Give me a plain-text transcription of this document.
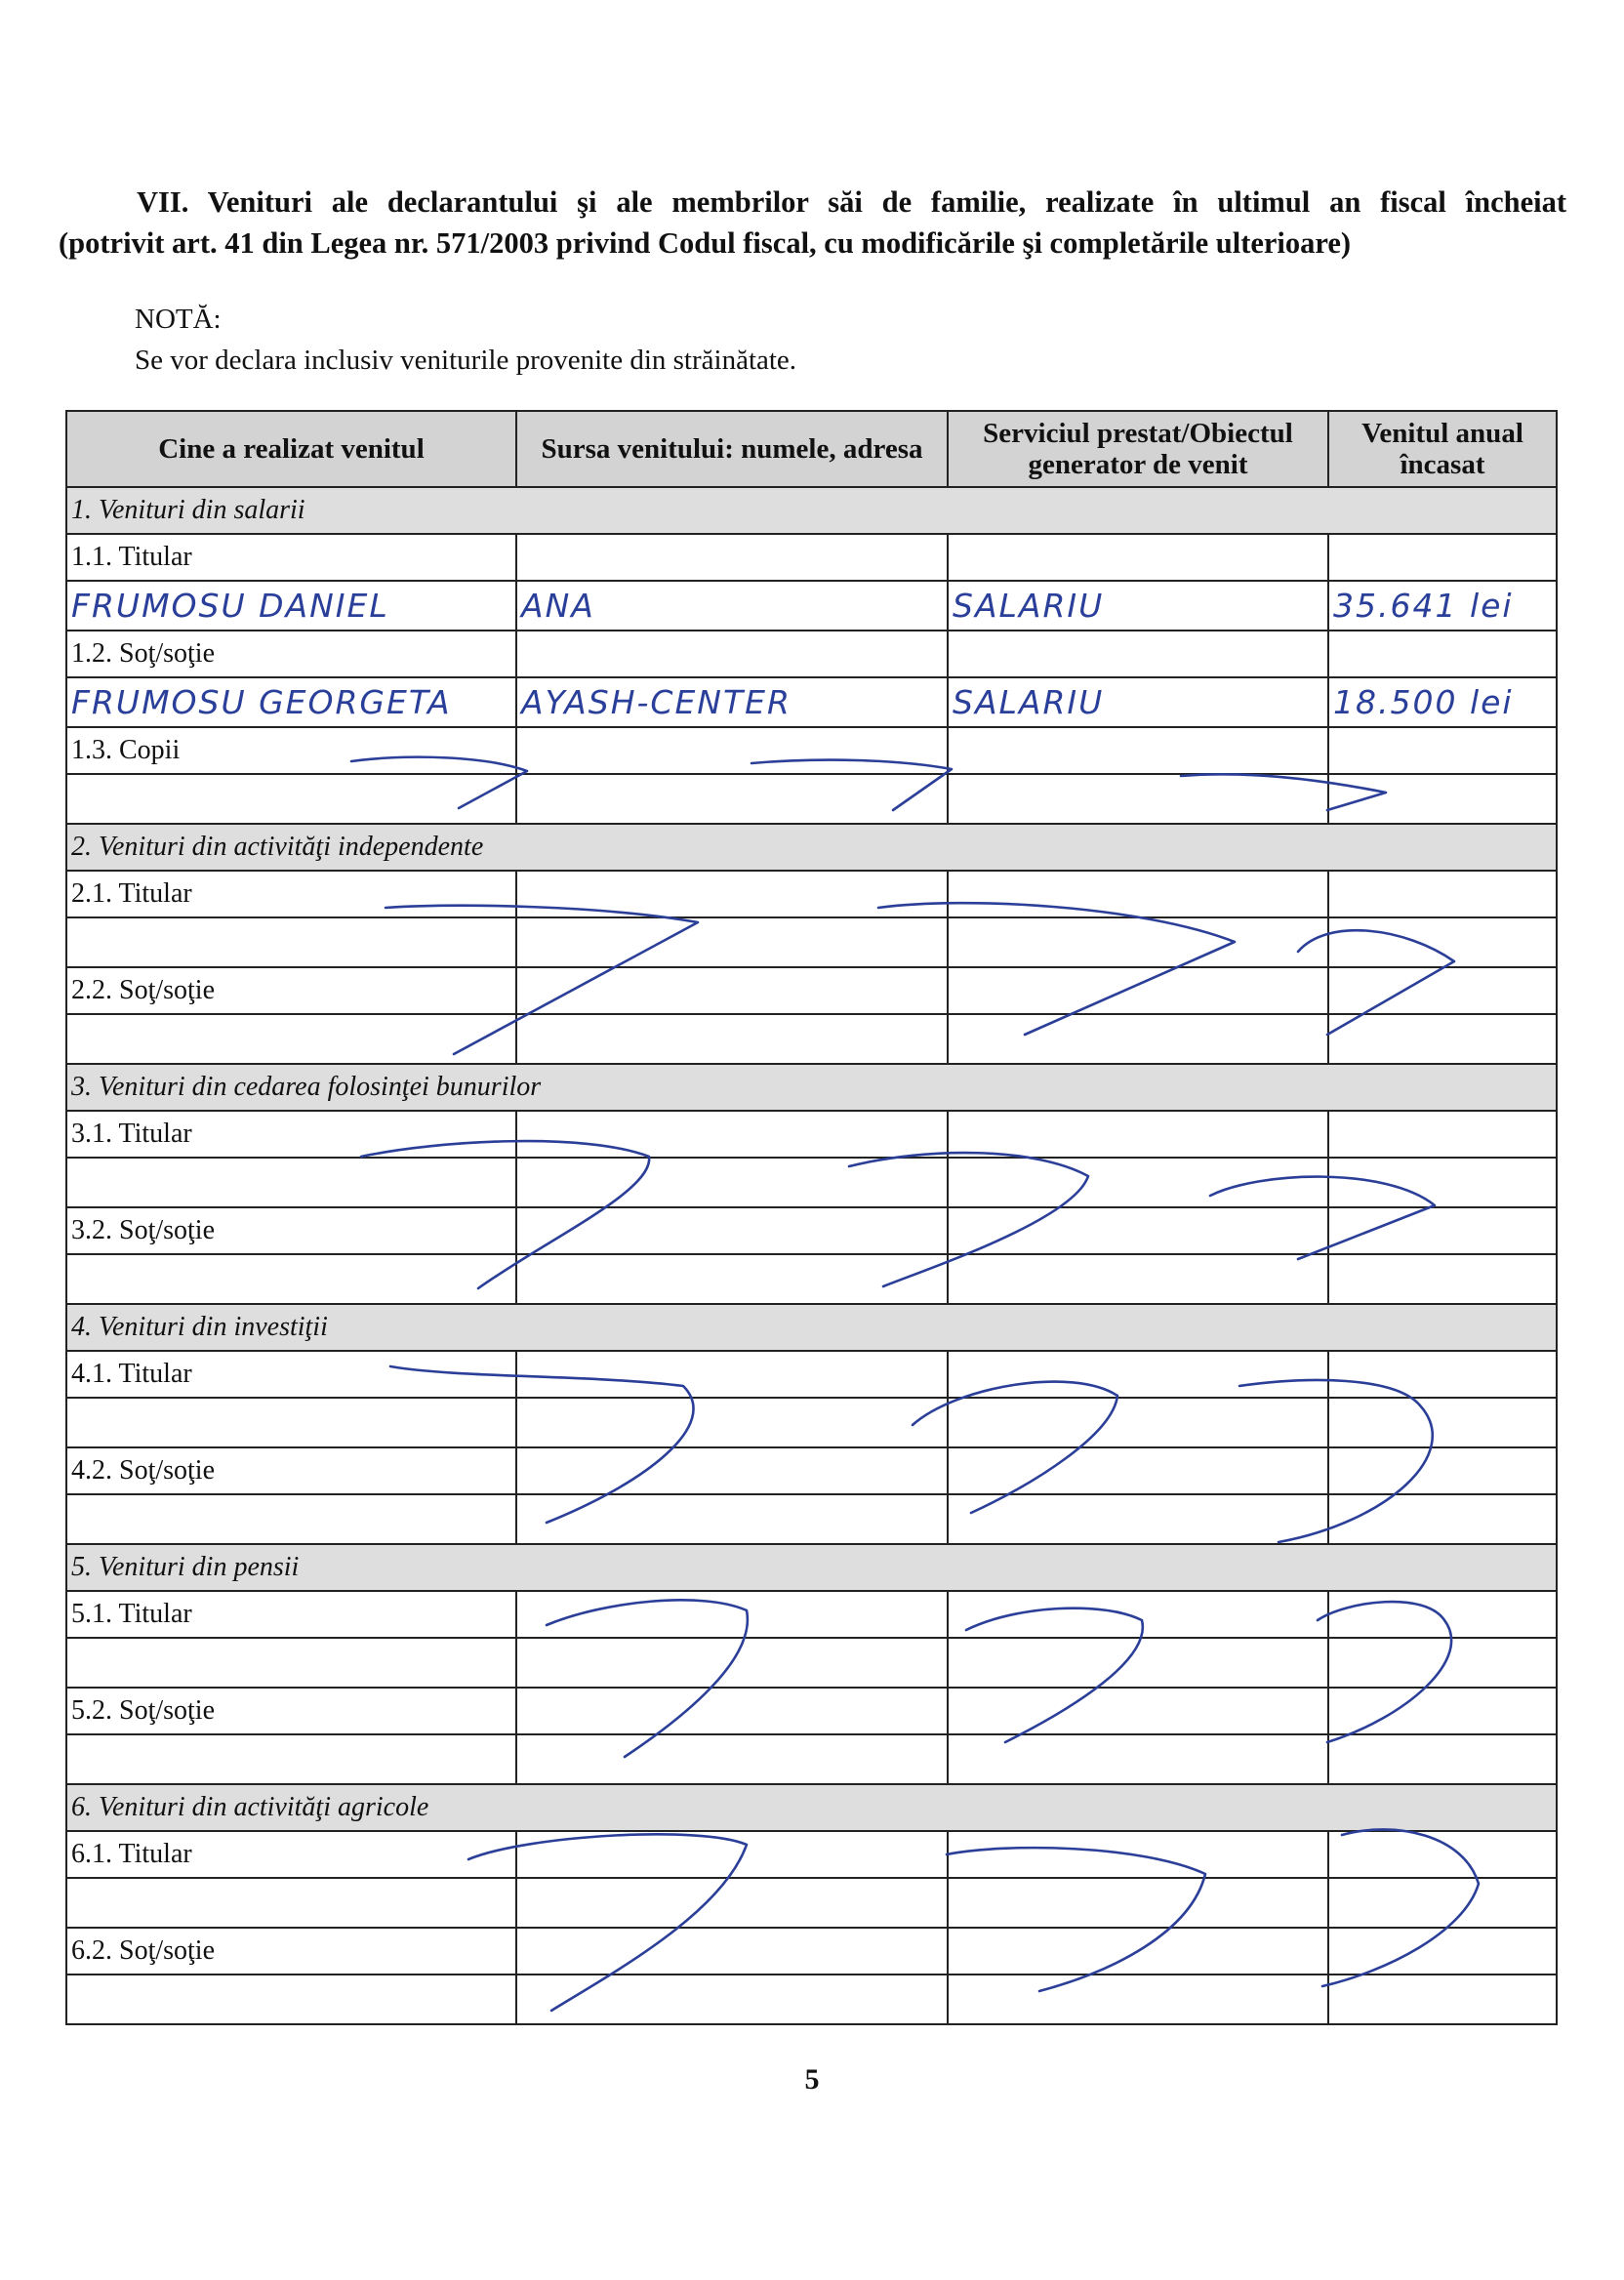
VII. Venituri ale declarantului şi ale membrilor săi de familie, realizate în ultimul an fiscal încheiat
(potrivit art. 41 din Legea nr. 571/2003 privind Codul fiscal, cu modificările şi completările ulterioare)
NOTĂ:
Se vor declara inclusiv veniturile provenite din străinătate.
Cine a realizat venitul	Sursa venitului: numele, adresa	Serviciul prestat/Obiectul generator de venit	Venitul anual încasat
1. Venituri din salarii			
1.1. Titular			
FRUMOSU DANIEL	ANA	SALARIU	35.641 lei
1.2. Soţ/soţie			
FRUMOSU GEORGETA	AYASH-CENTER	SALARIU	18.500 lei
1.3. Copii			

2. Venituri din activităţi independente			
2.1. Titular			

2.2. Soţ/soţie			

3. Venituri din cedarea folosinţei bunurilor			
3.1. Titular			

3.2. Soţ/soţie			

4. Venituri din investiţii			
4.1. Titular			

4.2. Soţ/soţie			

5. Venituri din pensii			
5.1. Titular			

5.2. Soţ/soţie			

6. Venituri din activităţi agricole			
6.1. Titular			

6.2. Soţ/soţie			

5
